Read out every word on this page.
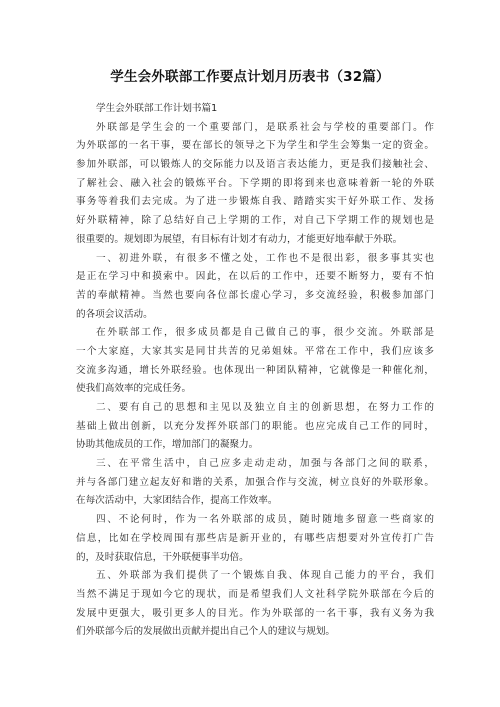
学生会外联部工作要点计划月历表书（32篇）
学生会外联部工作计划书篇1
外联部是学生会的一个重要部门，是联系社会与学校的重要部门。作
为外联部的一名干事，要在部长的领导之下为学生和学生会筹集一定的资金。
参加外联部，可以锻炼人的交际能力以及语言表达能力，更是我们接触社会、
了解社会、融入社会的锻炼平台。下学期的即将到来也意味着新一轮的外联
事务等着我们去完成。为了进一步锻炼自我、踏踏实实干好外联工作、发扬
好外联精神，除了总结好自己上学期的工作，对自己下学期工作的规划也是
很重要的。规划即为展望，有目标有计划才有动力，才能更好地奉献于外联。
一、初进外联，有很多不懂之处，工作也不是很出彩，很多事其实也
是正在学习中和摸索中。因此，在以后的工作中，还要不断努力，要有不怕
苦的奉献精神。当然也要向各位部长虚心学习，多交流经验，积极参加部门
的各项会议活动。
在外联部工作，很多成员都是自己做自己的事，很少交流。外联部是
一个大家庭，大家其实是同甘共苦的兄弟姐妹。平常在工作中，我们应该多
交流多沟通，增长外联经验。也体现出一种团队精神，它就像是一种催化剂，
使我们高效率的完成任务。
二、要有自己的思想和主见以及独立自主的创新思想，在努力工作的
基础上做出创新，以充分发挥外联部门的职能。也应完成自己工作的同时，
协助其他成员的工作，增加部门的凝聚力。
三、在平常生活中，自己应多走动走动，加强与各部门之间的联系，
并与各部门建立起友好和谐的关系，加强合作与交流，树立良好的外联形象。
在每次活动中，大家团结合作，提高工作效率。
四、不论何时，作为一名外联部的成员，随时随地多留意一些商家的
信息，比如在学校周围有那些店是新开业的，有哪些店想要对外宣传打广告
的，及时获取信息，干外联便事半功倍。
五、外联部为我们提供了一个锻炼自我、体现自己能力的平台，我们
当然不满足于现如今它的现状，而是希望我们人文社科学院外联部在今后的
发展中更强大，吸引更多人的目光。作为外联部的一名干事，我有义务为我
们外联部今后的发展做出贡献并提出自己个人的建议与规划。
